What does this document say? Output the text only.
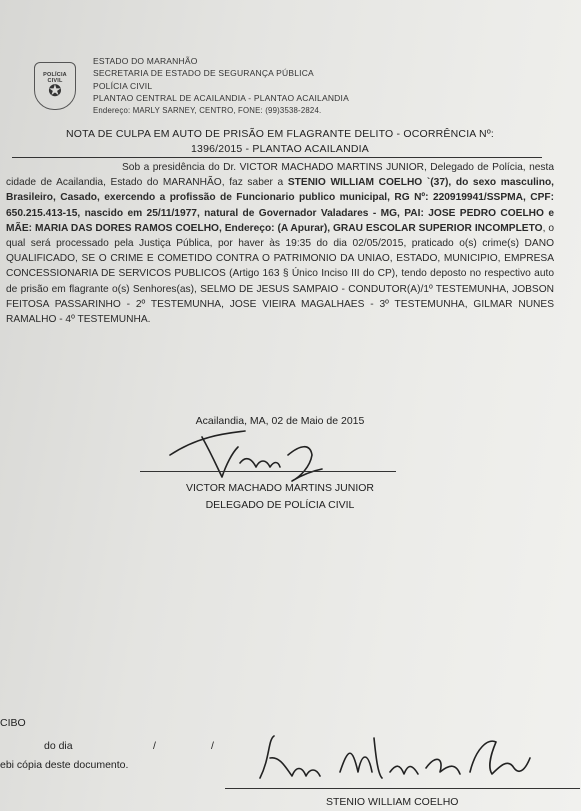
POLÍCIA CIVIL
✪
ESTADO DO MARANHÃO
SECRETARIA DE ESTADO DE SEGURANÇA PÚBLICA
POLÍCIA CIVIL
PLANTAO CENTRAL DE ACAILANDIA - PLANTAO ACAILANDIA
Endereço: MARLY SARNEY, CENTRO, FONE: (99)3538-2824.
NOTA DE CULPA EM AUTO DE PRISÃO EM FLAGRANTE DELITO - OCORRÊNCIA Nº:
1396/2015 - PLANTAO ACAILANDIA

Sob a presidência do Dr. VICTOR MACHADO MARTINS JUNIOR, Delegado de Polícia, nesta cidade de Acailandia, Estado do MARANHÃO, faz saber a STENIO WILLIAM COELHO `(37), do sexo masculino, Brasileiro, Casado, exercendo a profissão de Funcionario publico municipal, RG Nº: 220919941/SSPMA, CPF: 650.215.413-15, nascido em 25/11/1977, natural de Governador Valadares - MG, PAI: JOSE PEDRO COELHO e MÃE: MARIA DAS DORES RAMOS COELHO, Endereço: (A Apurar), GRAU ESCOLAR SUPERIOR INCOMPLETO, o qual será processado pela Justiça Pública, por haver às 19:35 do dia 02/05/2015, praticado o(s) crime(s) DANO QUALIFICADO, SE O CRIME E COMETIDO CONTRA O PATRIMONIO DA UNIAO, ESTADO, MUNICIPIO, EMPRESA CONCESSIONARIA DE SERVICOS PUBLICOS (Artigo 163 § Único Inciso III do CP), tendo deposto no respectivo auto de prisão em flagrante o(s) Senhores(as), SELMO DE JESUS SAMPAIO - CONDUTOR(A)/1º TESTEMUNHA, JOBSON FEITOSA PASSARINHO - 2º TESTEMUNHA, JOSE VIEIRA MAGALHAES - 3º TESTEMUNHA, GILMAR NUNES RAMALHO - 4º TESTEMUNHA.

Acailandia, MA, 02 de Maio de 2015
VICTOR MACHADO MARTINS JUNIOR
DELEGADO DE POLÍCIA CIVIL
CIBO
do dia	/	/
ebi cópia deste documento.
STENIO WILLIAM COELHO
